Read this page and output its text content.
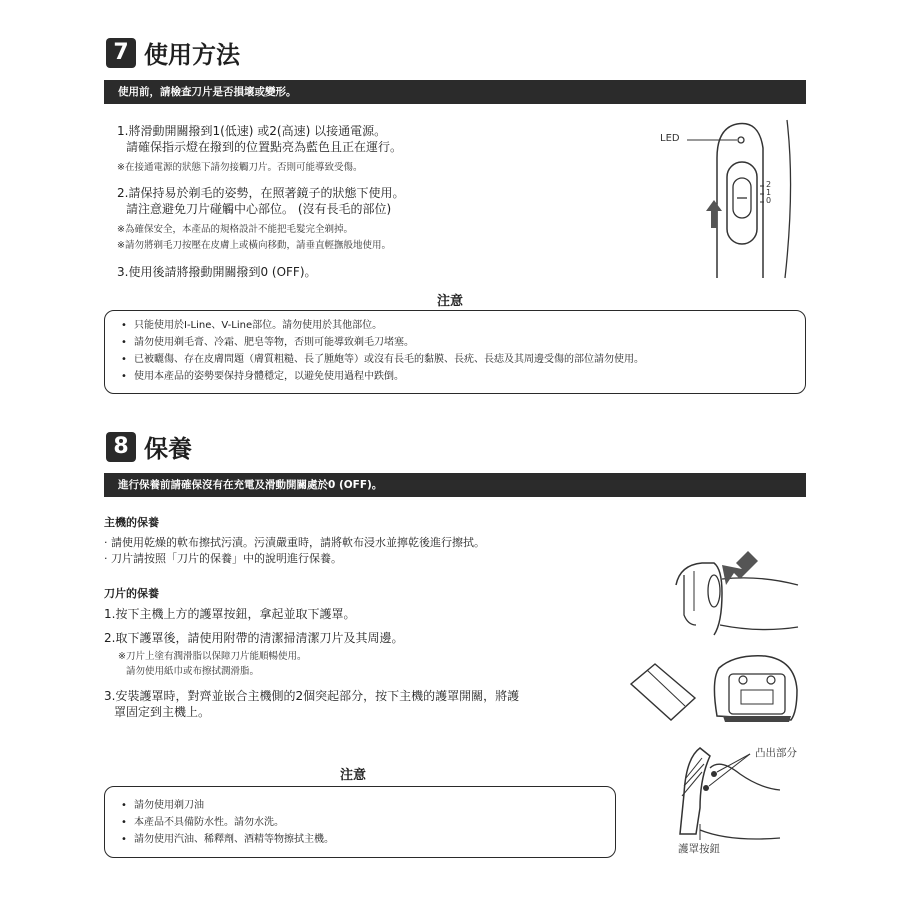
7 使用方法
使用前，請檢查刀片是否損壞或變形。
1.將滑動開關撥到1(低速) 或2(高速) 以接通電源。
請確保指示燈在撥到的位置點亮為藍色且正在運行。
※在接通電源的狀態下請勿接觸刀片。否則可能導致受傷。
2.請保持易於剃毛的姿勢，在照著鏡子的狀態下使用。
請注意避免刀片碰觸中心部位。 (沒有長毛的部位)
※為確保安全，本產品的規格設計不能把毛髮完全剃掉。
※請勿將剃毛刀按壓在皮膚上或橫向移動，請垂直輕撫般地使用。
3.使用後請將撥動開關撥到0 (OFF)。
LED
2
1
0
注意
• 只能使用於I-Line、V-Line部位。請勿使用於其他部位。
• 請勿使用剃毛膏、冷霜、肥皂等物，否則可能導致剃毛刀堵塞。
• 已被曬傷、存在皮膚問題（膚質粗糙、長了腫皰等）或沒有長毛的黏膜、長疣、長痣及其周邊受傷的部位請勿使用。
• 使用本產品的姿勢要保持身體穩定，以避免使用過程中跌倒。
8 保養
進行保養前請確保沒有在充電及滑動開關處於0 (OFF)。
主機的保養
· 請使用乾燥的軟布擦拭污漬。污漬嚴重時，請將軟布浸水並擰乾後進行擦拭。
· 刀片請按照「刀片的保養」中的說明進行保養。
刀片的保養
1.按下主機上方的護罩按鈕，拿起並取下護罩。
2.取下護罩後，請使用附帶的清潔掃清潔刀片及其周邊。
※刀片上塗有潤滑脂以保障刀片能順暢使用。
請勿使用紙巾或布擦拭潤滑脂。
3.安裝護罩時，對齊並嵌合主機側的2個突起部分，按下主機的護罩開關，將護
罩固定到主機上。
凸出部分
護罩按鈕
注意
• 請勿使用剃刀油
• 本產品不具備防水性。請勿水洗。
• 請勿使用汽油、稀釋劑、酒精等物擦拭主機。
